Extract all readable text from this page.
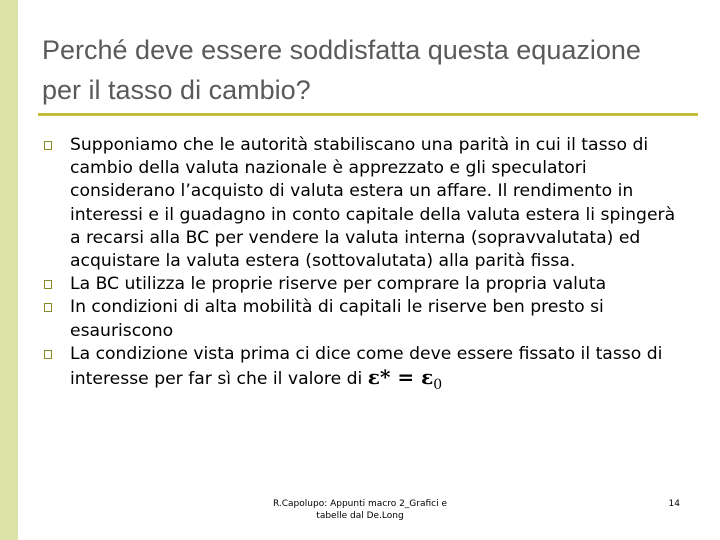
Perché deve essere soddisfatta questa equazione per il tasso di cambio?
Supponiamo che le autorità stabiliscano una parità in cui il tasso di cambio della valuta nazionale è apprezzato e gli speculatori considerano l’acquisto di valuta estera un affare. Il rendimento in interessi e il guadagno in conto capitale della valuta estera li spingerà a recarsi alla BC per vendere la valuta interna (sopravvalutata) ed acquistare la valuta estera (sottovalutata) alla parità fissa.
La BC utilizza le proprie riserve per comprare la propria valuta
In condizioni di alta mobilità di capitali le riserve ben presto si esauriscono
La condizione vista prima ci dice come deve essere fissato il tasso di interesse per far sì che il valore di $\varepsilon* = \varepsilon_0$
R.Capolupo: Appunti macro 2_Grafici e
tabelle dal De.Long
14
